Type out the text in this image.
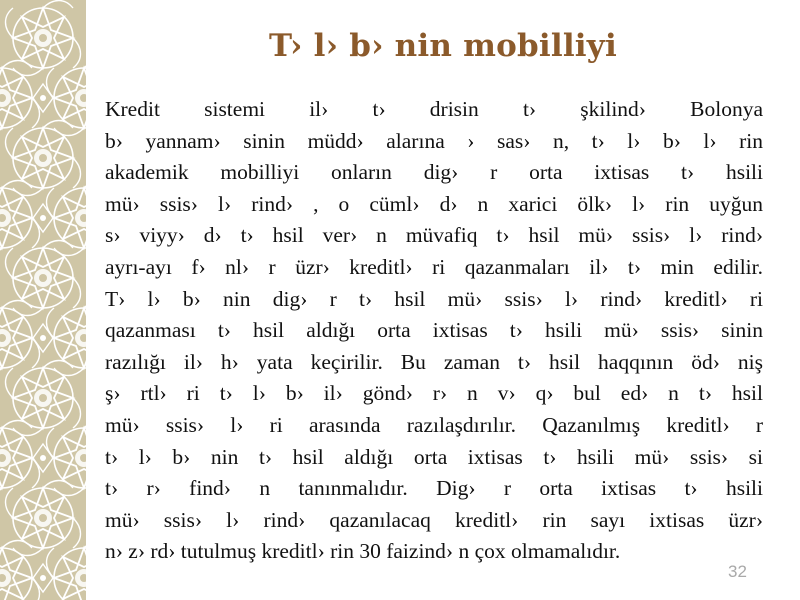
T› l› b› nin mobilliyi
Kredit sistemi il› t› drisin t› şkilind› Bolonya
b› yannam› sinin müdd› alarına › sas› n, t› l› b› l› rin
akademik mobilliyi onların dig› r orta ixtisas t› hsili
mü› ssis› l› rind› , o cüml› d› n xarici ölk› l› rin uyğun
s› viyy› d› t› hsil ver› n müvafiq t› hsil mü› ssis› l› rind›
ayrı-ayı f› nl› r üzr› kreditl› ri qazanmaları il› t› min edilir.
T› l› b› nin dig› r t› hsil mü› ssis› l› rind› kreditl› ri
qazanması t› hsil aldığı orta ixtisas t› hsili mü› ssis› sinin
razılığı il› h› yata keçirilir. Bu zaman t› hsil haqqının öd› niş
ş› rtl› ri t› l› b› il› gönd› r› n v› q› bul ed› n t› hsil
mü› ssis› l› ri arasında razılaşdırılır. Qazanılmış kreditl› r
t› l› b› nin t› hsil aldığı orta ixtisas t› hsili mü› ssis› si
t› r› find› n tanınmalıdır. Dig› r orta ixtisas t› hsili
mü› ssis› l› rind› qazanılacaq kreditl› rin sayı ixtisas üzr›
n› z› rd› tutulmuş kreditl› rin 30 faizind› n çox olmamalıdır.
32
